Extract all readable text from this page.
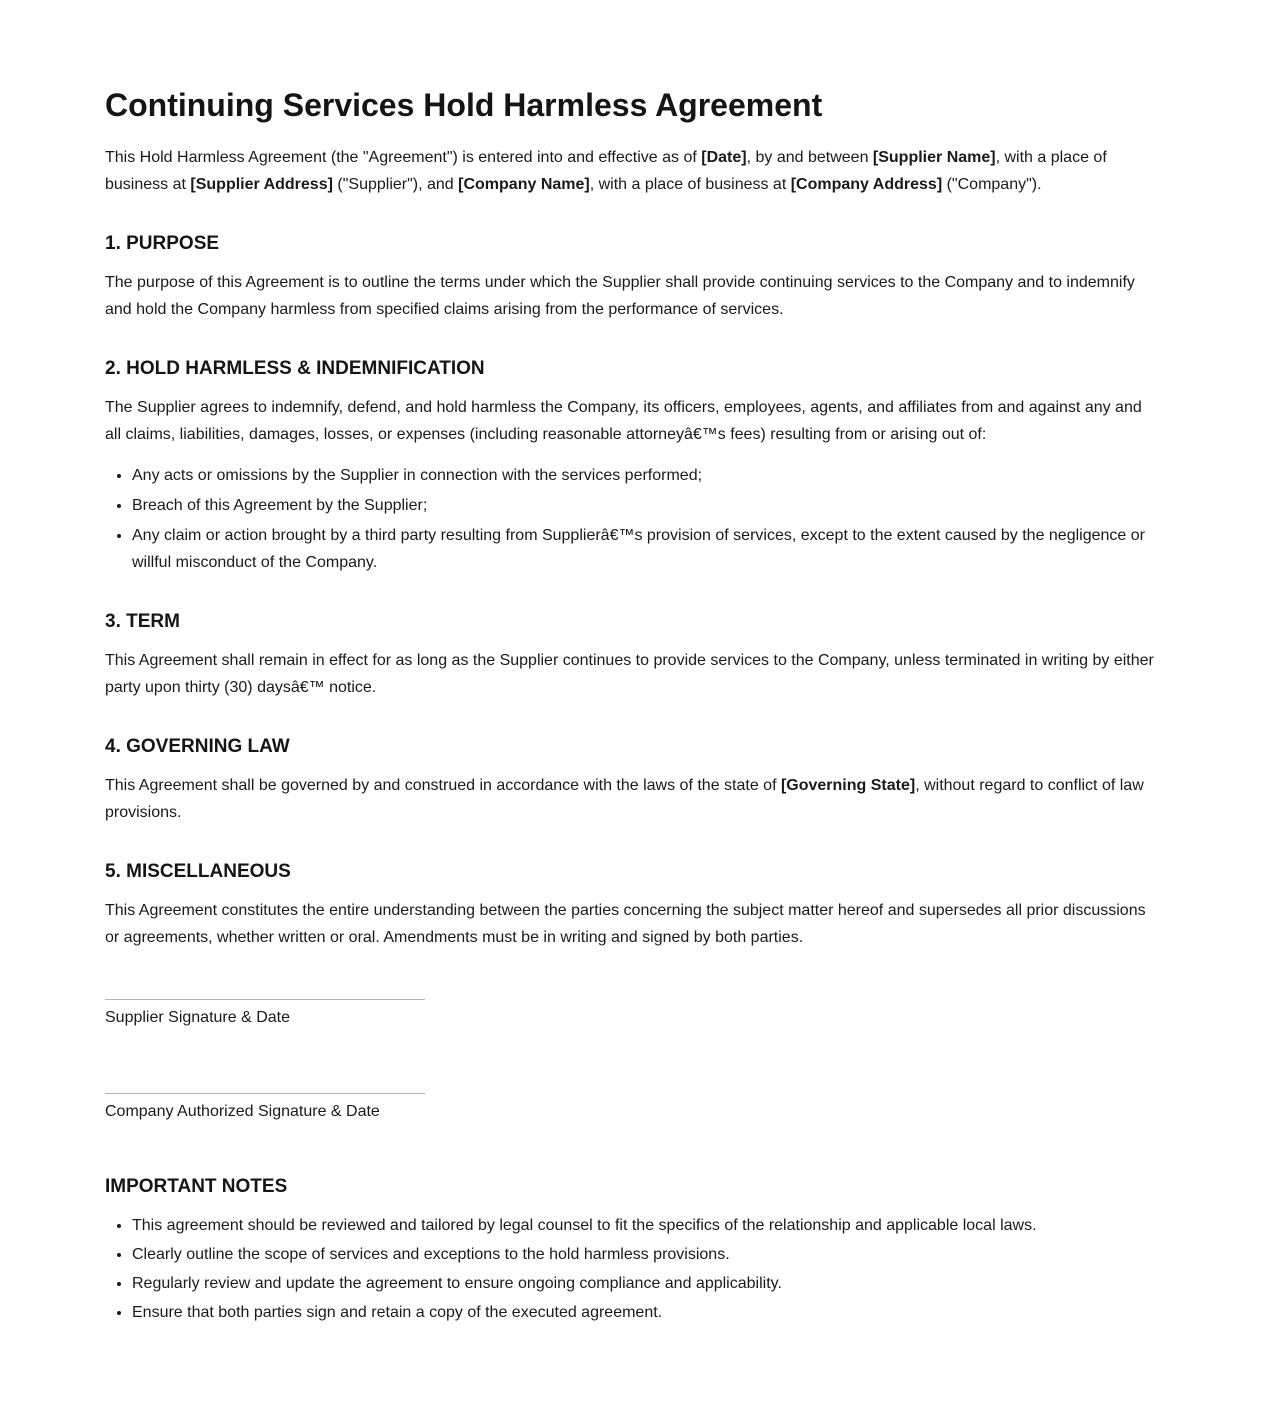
Continuing Services Hold Harmless Agreement

This Hold Harmless Agreement (the "Agreement") is entered into and effective as of [Date], by and between [Supplier Name], with a place of business at [Supplier Address] ("Supplier"), and [Company Name], with a place of business at [Company Address] ("Company").

1. PURPOSE

The purpose of this Agreement is to outline the terms under which the Supplier shall provide continuing services to the Company and to indemnify and hold the Company harmless from specified claims arising from the performance of services.

2. HOLD HARMLESS & INDEMNIFICATION

The Supplier agrees to indemnify, defend, and hold harmless the Company, its officers, employees, agents, and affiliates from and against any and all claims, liabilities, damages, losses, or expenses (including reasonable attorneyâ€™s fees) resulting from or arising out of:

• Any acts or omissions by the Supplier in connection with the services performed;
• Breach of this Agreement by the Supplier;
• Any claim or action brought by a third party resulting from Supplierâ€™s provision of services, except to the extent caused by the negligence or willful misconduct of the Company.
3. TERM

This Agreement shall remain in effect for as long as the Supplier continues to provide services to the Company, unless terminated in writing by either party upon thirty (30) daysâ€™ notice.

4. GOVERNING LAW

This Agreement shall be governed by and construed in accordance with the laws of the state of [Governing State], without regard to conflict of law provisions.

5. MISCELLANEOUS

This Agreement constitutes the entire understanding between the parties concerning the subject matter hereof and supersedes all prior discussions or agreements, whether written or oral. Amendments must be in writing and signed by both parties.

Supplier Signature & Date

Company Authorized Signature & Date

IMPORTANT NOTES
• This agreement should be reviewed and tailored by legal counsel to fit the specifics of the relationship and applicable local laws.
• Clearly outline the scope of services and exceptions to the hold harmless provisions.
• Regularly review and update the agreement to ensure ongoing compliance and applicability.
• Ensure that both parties sign and retain a copy of the executed agreement.
